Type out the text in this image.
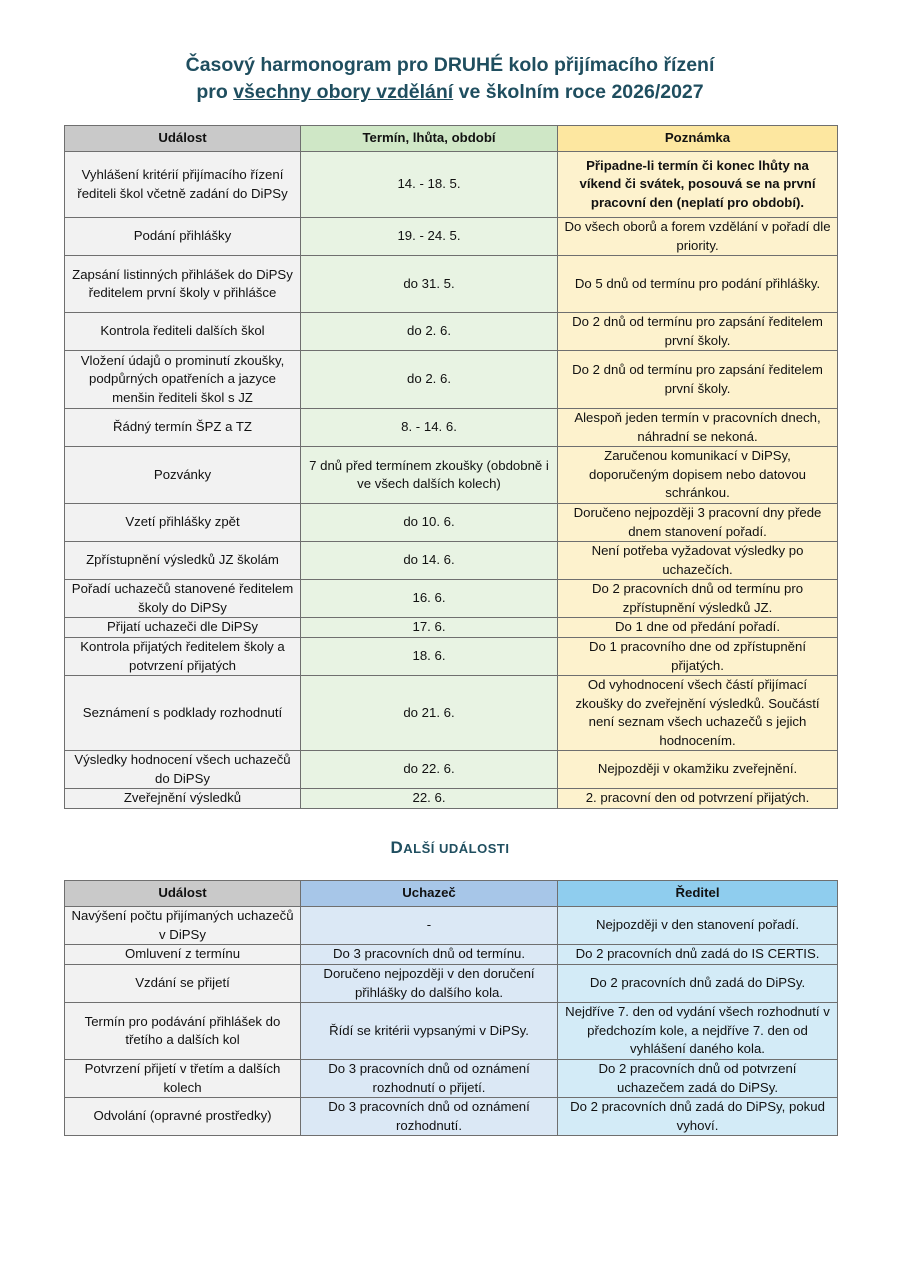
Časový harmonogram pro DRUHÉ kolo přijímacího řízení
pro všechny obory vzdělání ve školním roce 2026/2027
Událost	Termín, lhůta, období	Poznámka
Vyhlášení kritérií přijímacího řízení řediteli škol včetně zadání do DiPSy	14. - 18. 5.	Připadne-li termín či konec lhůty na víkend či svátek, posouvá se na první pracovní den (neplatí pro období).
Podání přihlášky	19. - 24. 5.	Do všech oborů a forem vzdělání v pořadí dle priority.
Zapsání listinných přihlášek do DiPSy ředitelem první školy v přihlášce	do 31. 5.	Do 5 dnů od termínu pro podání přihlášky.
Kontrola řediteli dalších škol	do 2. 6.	Do 2 dnů od termínu pro zapsání ředitelem první školy.
Vložení údajů o prominutí zkoušky, podpůrných opatřeních a jazyce menšin řediteli škol s JZ	do 2. 6.	Do 2 dnů od termínu pro zapsání ředitelem první školy.
Řádný termín ŠPZ a TZ	8. - 14. 6.	Alespoň jeden termín v pracovních dnech, náhradní se nekoná.
Pozvánky	7 dnů před termínem zkoušky (obdobně i ve všech dalších kolech)	Zaručenou komunikací v DiPSy, doporučeným dopisem nebo datovou schránkou.
Vzetí přihlášky zpět	do 10. 6.	Doručeno nejpozději 3 pracovní dny přede dnem stanovení pořadí.
Zpřístupnění výsledků JZ školám	do 14. 6.	Není potřeba vyžadovat výsledky po uchazečích.
Pořadí uchazečů stanovené ředitelem školy do DiPSy	16. 6.	Do 2 pracovních dnů od termínu pro zpřístupnění výsledků JZ.
Přijatí uchazeči dle DiPSy	17. 6.	Do 1 dne od předání pořadí.
Kontrola přijatých ředitelem školy a potvrzení přijatých	18. 6.	Do 1 pracovního dne od zpřístupnění přijatých.
Seznámení s podklady rozhodnutí	do 21. 6.	Od vyhodnocení všech částí přijímací zkoušky do zveřejnění výsledků. Součástí není seznam všech uchazečů s jejich hodnocením.
Výsledky hodnocení všech uchazečů do DiPSy	do 22. 6.	Nejpozději v okamžiku zveřejnění.
Zveřejnění výsledků	22. 6.	2. pracovní den od potvrzení přijatých.
DALŠÍ UDÁLOSTI
Událost	Uchazeč	Ředitel
Navýšení počtu přijímaných uchazečů v DiPSy	-	Nejpozději v den stanovení pořadí.
Omluvení z termínu	Do 3 pracovních dnů od termínu.	Do 2 pracovních dnů zadá do IS CERTIS.
Vzdání se přijetí	Doručeno nejpozději v den doručení přihlášky do dalšího kola.	Do 2 pracovních dnů zadá do DiPSy.
Termín pro podávání přihlášek do třetího a dalších kol	Řídí se kritérii vypsanými v DiPSy.	Nejdříve 7. den od vydání všech rozhodnutí v předchozím kole, a nejdříve 7. den od vyhlášení daného kola.
Potvrzení přijetí v třetím a dalších kolech	Do 3 pracovních dnů od oznámení rozhodnutí o přijetí.	Do 2 pracovních dnů od potvrzení uchazečem zadá do DiPSy.
Odvolání (opravné prostředky)	Do 3 pracovních dnů od oznámení rozhodnutí.	Do 2 pracovních dnů zadá do DiPSy, pokud vyhoví.
